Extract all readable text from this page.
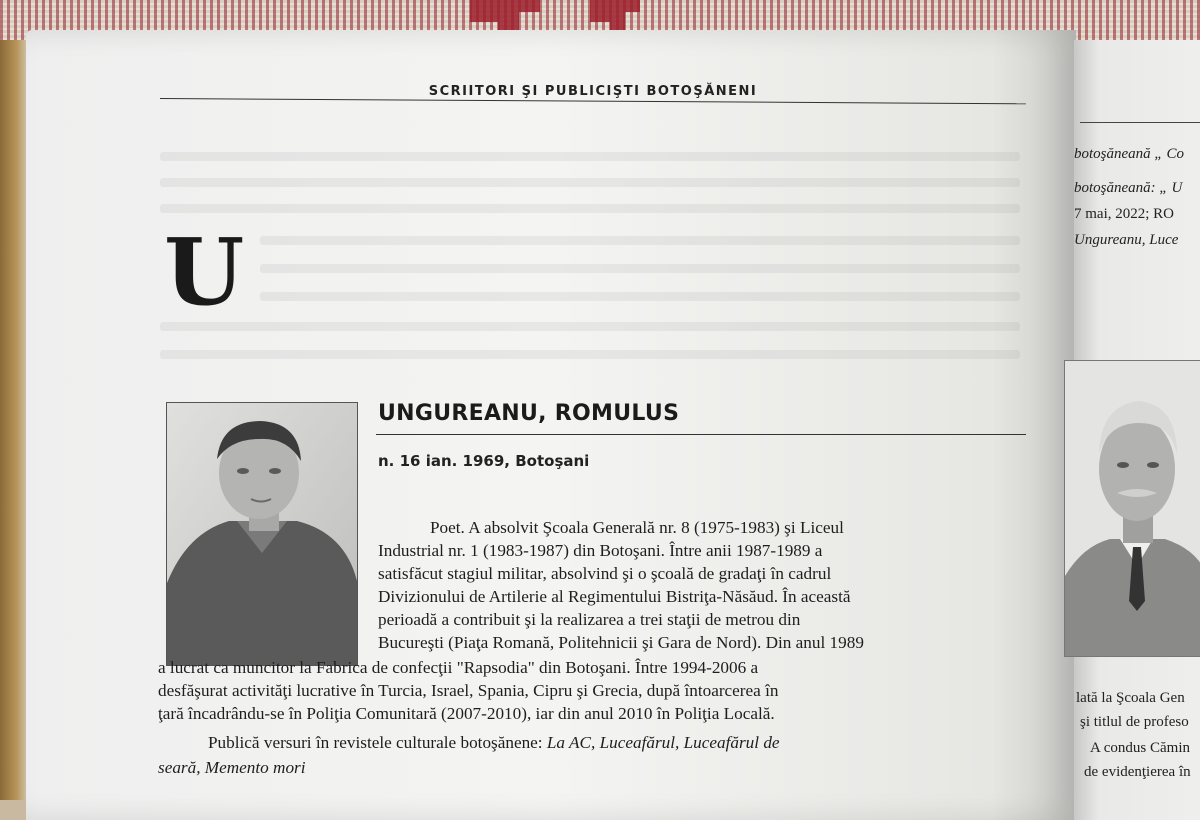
SCRIITORI ŞI PUBLICIŞTI BOTOŞĂNENI
U
UNGUREANU, ROMULUS
n. 16 ian. 1969, Botoşani
Poet. A absolvit Şcoala Generală nr. 8 (1975-1983) şi Liceul
Industrial nr. 1 (1983-1987) din Botoşani. Între anii 1987-1989 a
satisfăcut stagiul militar, absolvind şi o şcoală de gradaţi în cadrul
Divizionului de Artilerie al Regimentului Bistriţa-Năsăud. În această
perioadă a contribuit şi la realizarea a trei staţii de metrou din
Bucureşti (Piaţa Romană, Politehnicii şi Gara de Nord). Din anul 1989
a lucrat ca muncitor la Fabrica de confecţii "Rapsodia" din Botoşani. Între 1994-2006 a
desfăşurat activităţi lucrative în Turcia, Israel, Spania, Cipru şi Grecia, după întoarcerea în
ţară încadrându-se în Poliţia Comunitară (2007-2010), iar din anul 2010 în Poliţia Locală.
Publică versuri în revistele culturale botoşănene: La AC, Luceafărul, Luceafărul de
seară, Memento mori
botoşăneană „ Co
botoşăneană: „ U
7 mai, 2022; RO
Ungureanu, Luce
lată la Şcoala Gen
şi titlul de profeso
A condus Cămin
de evidenţierea în
